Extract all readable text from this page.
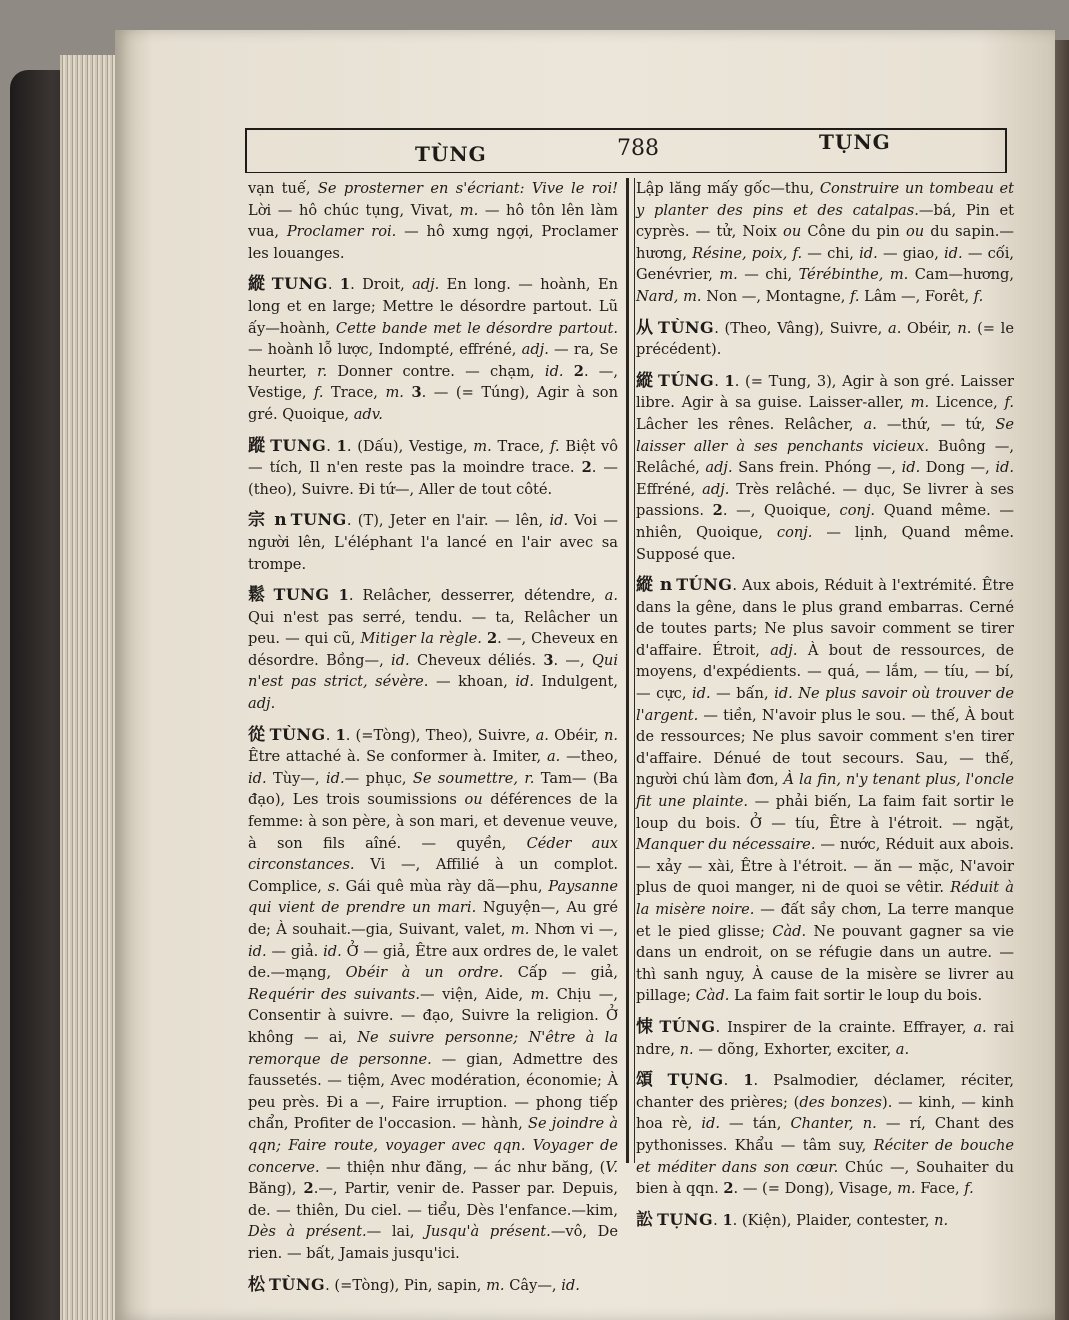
TÙNG	788	TỤNG

vạn tuế, Se prosterner en s'écriant: Vive le roi! Lời — hô chúc tụng, Vivat, m. — hô tôn lên làm vua, Proclamer roi. — hô xưng ngợi, Proclamer les louanges.

縱 TUNG. 1. Droit, adj. En long. — hoành, En long et en large; Mettre le désordre partout. Lũ ấy—hoành, Cette bande met le désordre partout. — hoành lỗ lược, Indompté, effréné, adj. — ra, Se heurter, r. Donner contre. — chạm, id. 2. —, Vestige, f. Trace, m. 3. — (= Túng), Agir à son gré. Quoique, adv.

蹤 TUNG. 1. (Dấu), Vestige, m. Trace, f. Biệt vô — tích, Il n'en reste pas la moindre trace. 2. — (theo), Suivre. Đi tứ—, Aller de tout côté.

宗 n TUNG. (T), Jeter en l'air. — lên, id. Voi — người lên, L'éléphant l'a lancé en l'air avec sa trompe.

鬆 TUNG 1. Relâcher, desserrer, détendre, a. Qui n'est pas serré, tendu. — ta, Relâcher un peu. — qui cũ, Mitiger la règle. 2. —, Cheveux en désordre. Bồng—, id. Cheveux déliés. 3. —, Qui n'est pas strict, sévère. — khoan, id. Indulgent, adj.

從 TÙNG. 1. (=Tòng), Theo), Suivre, a. Obéir, n. Être attaché à. Se conformer à. Imiter, a. —theo, id. Tùy—, id.— phục, Se soumettre, r. Tam— (Ba đạo), Les trois soumissions ou déférences de la femme: à son père, à son mari, et devenue veuve, à son fils aîné. — quyền, Céder aux circonstances. Vi —, Affilié à un complot. Complice, s. Gái quê mùa rày dã—phu, Paysanne qui vient de prendre un mari. Nguyện—, Au gré de; À souhait.—gia, Suivant, valet, m. Nhơn vi —, id. — giả. id. Ở — giả, Être aux ordres de, le valet de.—mạng, Obéir à un ordre. Cấp — giả, Requérir des suivants.— viện, Aide, m. Chịu —, Consentir à suivre. — đạo, Suivre la religion. Ở không — ai, Ne suivre personne; N'être à la remorque de personne. — gian, Admettre des faussetés. — tiệm, Avec modération, économie; À peu près. Đi a —, Faire irruption. — phong tiếp chẩn, Profiter de l'occasion. — hành, Se joindre à qqn; Faire route, voyager avec qqn. Voyager de concerve. — thiện như đăng, — ác như băng, (V. Băng), 2.—, Partir, venir de. Passer par. Depuis, de. — thiên, Du ciel. — tiểu, Dès l'enfance.—kim, Dès à présent.— lai, Jusqu'à présent.—vô, De rien. — bất, Jamais jusqu'ici.

松 TÙNG. (=Tòng), Pin, sapin, m. Cây—, id.

Lập lăng mấy gốc—thu, Construire un tombeau et y planter des pins et des catalpas.—bá, Pin et cyprès. — tử, Noix ou Cône du pin ou du sapin.—hương, Résine, poix, f. — chi, id. — giao, id. — cối, Genévrier, m. — chi, Térébinthe, m. Cam—hương, Nard, m. Non —, Montagne, f. Lâm —, Forêt, f.

从 TÙNG. (Theo, Vâng), Suivre, a. Obéir, n. (= le précédent).

縱 TÚNG. 1. (= Tung, 3), Agir à son gré. Laisser libre. Agir à sa guise. Laisser-aller, m. Licence, f. Lâcher les rênes. Relâcher, a. —thứ, — tứ, Se laisser aller à ses penchants vicieux. Buông —, Relâché, adj. Sans frein. Phóng —, id. Dong —, id. Effréné, adj. Très relâché. — dục, Se livrer à ses passions. 2. —, Quoique, conj. Quand même. — nhiên, Quoique, conj. — lịnh, Quand même. Supposé que.

縱 n TÚNG. Aux abois, Réduit à l'extrémité. Être dans la gêne, dans le plus grand embarras. Cerné de toutes parts; Ne plus savoir comment se tirer d'affaire. Étroit, adj. À bout de ressources, de moyens, d'expédients. — quá, — lắm, — tíu, — bí, — cực, id. — bấn, id. Ne plus savoir où trouver de l'argent. — tiền, N'avoir plus le sou. — thế, À bout de ressources; Ne plus savoir comment s'en tirer d'affaire. Dénué de tout secours. Sau, — thế, người chú làm đơn, À la fin, n'y tenant plus, l'oncle fit une plainte. — phải biến, La faim fait sortir le loup du bois. Ở — tíu, Être à l'étroit. — ngặt, Manquer du nécessaire. — nước, Réduit aux abois. — xảy — xài, Être à l'étroit. — ăn — mặc, N'avoir plus de quoi manger, ni de quoi se vêtir. Réduit à la misère noire. — đất sầy chơn, La terre manque et le pied glisse; Càd. Ne pouvant gagner sa vie dans un endroit, on se réfugie dans un autre. — thì sanh nguy, À cause de la misère se livrer au pillage; Càd. La faim fait sortir le loup du bois.

悚 TÚNG. Inspirer de la crainte. Effrayer, a. rai ndre, n. — dõng, Exhorter, exciter, a.

頌 TỤNG. 1. Psalmodier, déclamer, réciter, chanter des prières; (des bonzes). — kinh, — kinh hoa rè, id. — tán, Chanter, n. — rí, Chant des pythonisses. Khẩu — tâm suy, Réciter de bouche et méditer dans son cœur. Chúc —, Souhaiter du bien à qqn. 2. — (= Dong), Visage, m. Face, f.

訟 TỤNG. 1. (Kiện), Plaider, contester, n.
